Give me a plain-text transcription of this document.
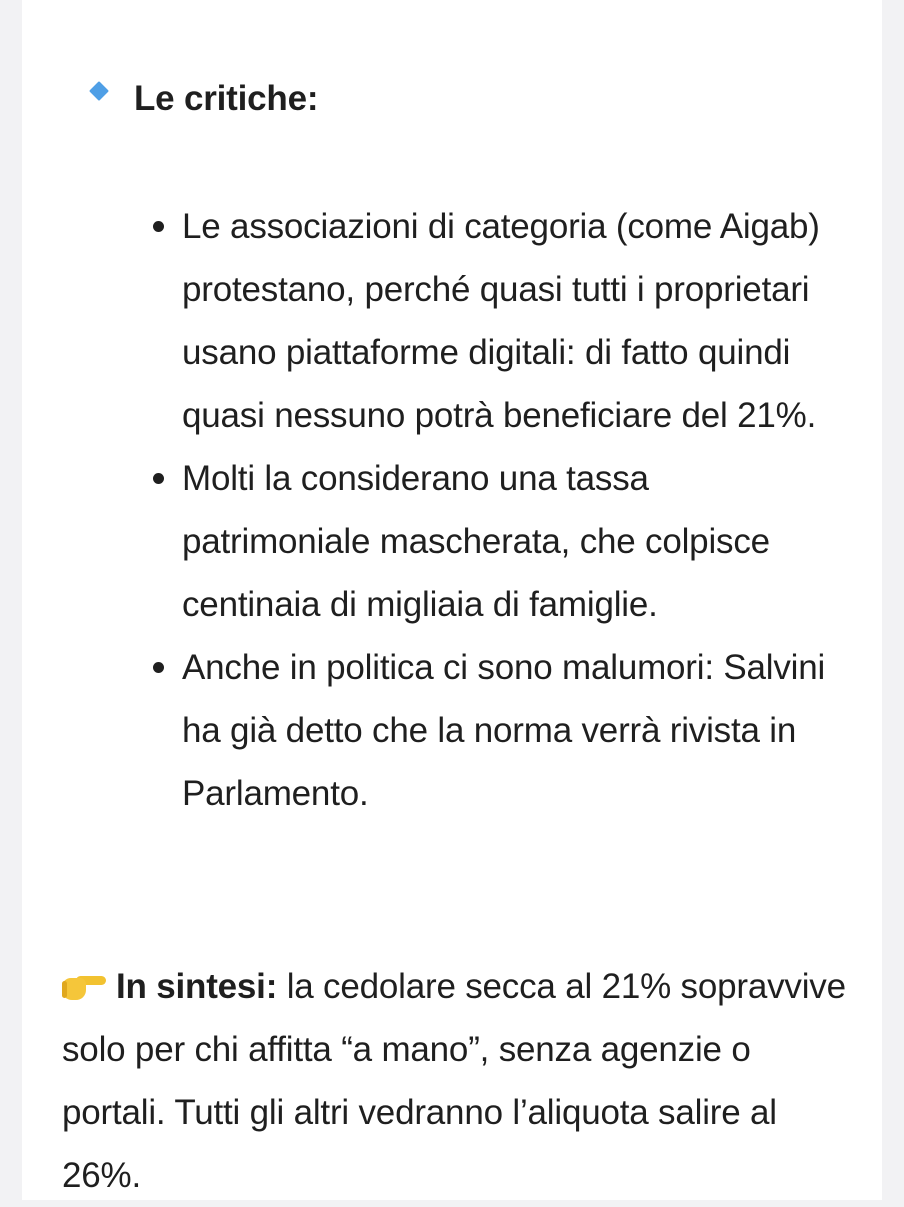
Le critiche:
Le associazioni di categoria (come Aigab) protestano, perché quasi tutti i proprietari usano piattaforme digitali: di fatto quindi quasi nessuno potrà beneficiare del 21%.
Molti la considerano una tassa patrimoniale mascherata, che colpisce centinaia di migliaia di famiglie.
Anche in politica ci sono malumori: Salvini ha già detto che la norma verrà rivista in Parlamento.
In sintesi: la cedolare secca al 21% sopravvive solo per chi affitta “a mano”, senza agenzie o portali. Tutti gli altri vedranno l’aliquota salire al 26%.
